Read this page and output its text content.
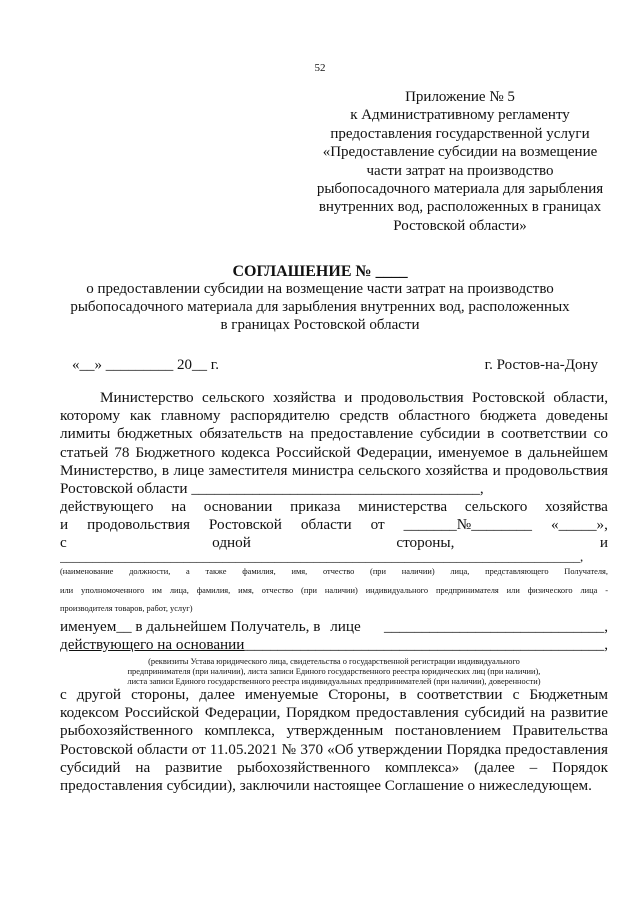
52
Приложение № 5
к Административному регламенту
предоставления государственной услуги
«Предоставление субсидии на возмещение
части затрат на производство
рыбопосадочного материала для зарыбления
внутренних вод, расположенных в границах
Ростовской области»
СОГЛАШЕНИЕ № ____
о предоставлении субсидии на возмещение части затрат на производство
рыбопосадочного материала для зарыбления внутренних вод, расположенных
в границах Ростовской области
«__» _________ 20__ г.	г. Ростов-на-Дону
Министерство сельского хозяйства и продовольствия Ростовской области, которому как главному распорядителю средств областного бюджета доведены лимиты бюджетных обязательств на предоставление субсидии в соответствии со статьей 78 Бюджетного кодекса Российской Федерации, именуемое в дальнейшем Министерство, в лице заместителя министра сельского хозяйства и продовольствия Ростовской области ______________________________________,
действующего на основании приказа министерства сельского хозяйства
и продовольствия Ростовской области от _______№________ «_____»,
с	одной	стороны,	и
________________________________________________________________________________,
(наименование должности, а также фамилия, имя, отчество (при наличии) лица, представляющего Получателя,
или уполномоченного им лица, фамилия, имя, отчество (при наличии) индивидуального предпринимателя или физического лица -
производителя товаров, работ, услуг)
именуем__ в дальнейшем Получатель, в лице _____________________________,
действующего на основании
_____________________________________________________,
(реквизиты Устава юридического лица, свидетельства о государственной регистрации индивидуального
предпринимателя (при наличии), листа записи Единого государственного реестра юридических лиц (при наличии),
листа записи Единого государственного реестра индивидуальных предпринимателей (при наличии), доверенности)
с другой стороны, далее именуемые Стороны, в соответствии с Бюджетным кодексом Российской Федерации, Порядком предоставления субсидий на развитие рыбохозяйственного комплекса, утвержденным постановлением Правительства Ростовской области от 11.05.2021 № 370 «Об утверждении Порядка предоставления субсидий на развитие рыбохозяйственного комплекса» (далее – Порядок предоставления субсидии), заключили настоящее Соглашение о нижеследующем.
